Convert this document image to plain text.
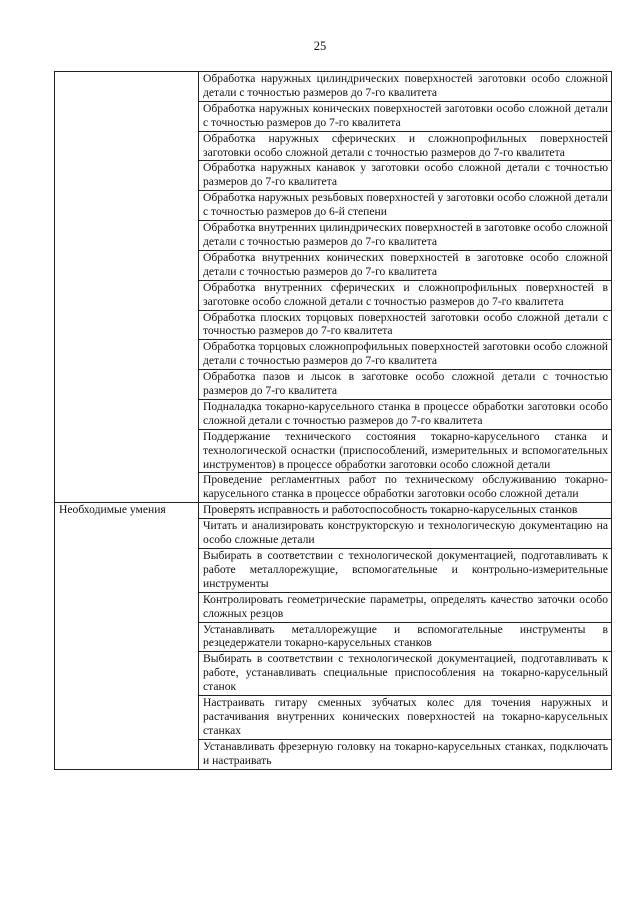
25
	Обработка наружных цилиндрических поверхностей заготовки особо сложной детали с точностью размеров до 7-го квалитета
	Обработка наружных конических поверхностей заготовки особо сложной детали с точностью размеров до 7-го квалитета
	Обработка наружных сферических и сложнопрофильных поверхностей заготовки особо сложной детали с точностью размеров до 7-го квалитета
	Обработка наружных канавок у заготовки особо сложной детали с точностью размеров до 7-го квалитета
	Обработка наружных резьбовых поверхностей у заготовки особо сложной детали с точностью размеров до 6-й степени
	Обработка внутренних цилиндрических поверхностей в заготовке особо сложной детали с точностью размеров до 7-го квалитета
	Обработка внутренних конических поверхностей в заготовке особо сложной детали с точностью размеров до 7-го квалитета
	Обработка внутренних сферических и сложнопрофильных поверхностей в заготовке особо сложной детали с точностью размеров до 7-го квалитета
	Обработка плоских торцовых поверхностей заготовки особо сложной детали с точностью размеров до 7-го квалитета
	Обработка торцовых сложнопрофильных поверхностей заготовки особо сложной детали с точностью размеров до 7-го квалитета
	Обработка пазов и лысок в заготовке особо сложной детали с точностью размеров до 7-го квалитета
	Подналадка токарно-карусельного станка в процессе обработки заготовки особо сложной детали с точностью размеров до 7-го квалитета
	Поддержание технического состояния токарно-карусельного станка и технологической оснастки (приспособлений, измерительных и вспомогательных инструментов) в процессе обработки заготовки особо сложной детали
	Проведение регламентных работ по техническому обслуживанию токарно-карусельного станка в процессе обработки заготовки особо сложной детали
Необходимые умения	Проверять исправность и работоспособность токарно-карусельных станков
	Читать и анализировать конструкторскую и технологическую документацию на особо сложные детали
	Выбирать в соответствии с технологической документацией, подготавливать к работе металлорежущие, вспомогательные и контрольно-измерительные инструменты
	Контролировать геометрические параметры, определять качество заточки особо сложных резцов
	Устанавливать металлорежущие и вспомогательные инструменты в резцедержатели токарно-карусельных станков
	Выбирать в соответствии с технологической документацией, подготавливать к работе, устанавливать специальные приспособления на токарно-карусельный станок
	Настраивать гитару сменных зубчатых колес для точения наружных и растачивания внутренних конических поверхностей на токарно-карусельных станках
	Устанавливать фрезерную головку на токарно-карусельных станках, подключать и настраивать
